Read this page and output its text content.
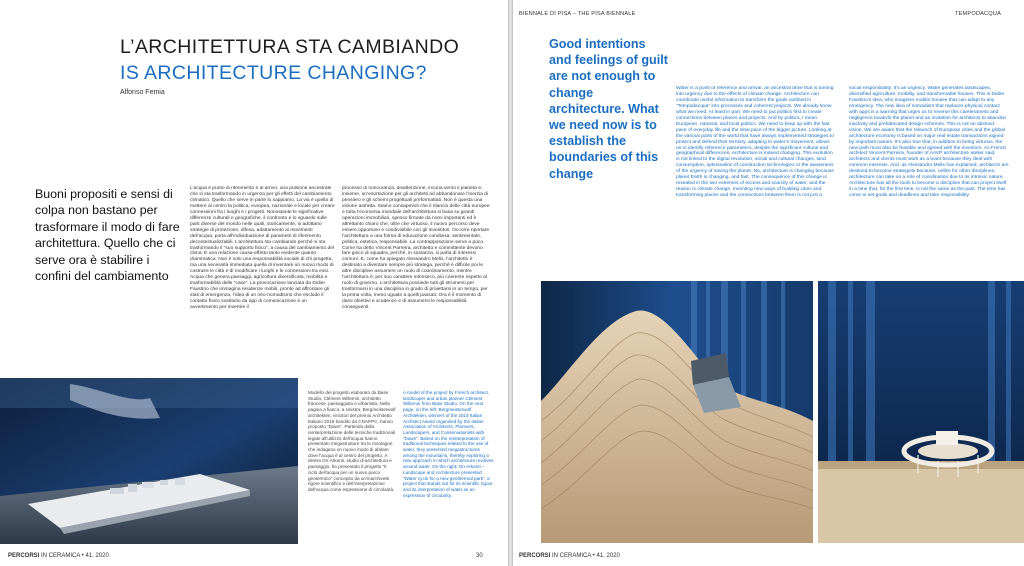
L’ARCHITETTURA STA CAMBIANDO
IS ARCHITECTURE CHANGING?
Alfonso Femia
Buoni propositi e sensi di colpa non bastano per trasformare il modo di fare architettura. Quello che ci serve ora è stabilire i confini del cambiamento
L’acqua è punto di riferimento e di arrivo, una pulsione ancestrale che si sta trasformando in urgenza per gli effetti del cambiamento climatico. Quello che serve in parte lo sappiamo. La via è quella di mettere al centro la politica, europea, nazionale e locale per creare connessioni fra i luoghi e i progetti. Nonostante le significative differenze culturali e geografiche, il confronto e lo sguardo sulle parti diverse del mondo nelle quali, storicamente, si adottano strategie di protezione, difesa, adattamento ai movimenti dell’acqua, porta all’individuazione di parametri di riferimento decontestualizzabili. L’architettura sta cambiando perché si sta trasformando il “suo supporto fisico”, a causa del cambiamento del clima. È una relazione causa-effetto tanto evidente quanto drammatica. Non è solo una responsabilità sociale di chi progetta, ma una necessità immediata quella di inventare un nuovo modo di costruire le città e di modificare i luoghi e le connessioni tra essi. Acqua che genera paesaggi, agricoltura diversificata, mobilità e trasformabilità delle “case”. La provocazione lanciata da Didier Faustino che immagina residenze mobili, pronte ad affrontare gli stati di emergenza, l’idea di un neo-nomadismo che esclude il contatto fisico sostituito da app di comunicazione è un avvertimento per invertire il
processo di noncuranza, disattenzione, incuria verso il pianeta e, insieme, un’esortazione per gli architetti ad abbandonare l’inerzia di pensiero e gli schemi progettuali preformattati. Non è questa una visione astratta. Siamo consapevoli che il rilancio delle città europee e tutta l’economia mondiale dell’architettura si basa su grandi operazioni immobiliari, spesso firmate da nomi importanti ed è altrettanto chiaro che, oltre che virtuoso, il nuovo percorso deve essere opportuno e condivisibile con gli investitori. Occorre riportare l’architettura a una forma di educazione condivisa: sentimentale, politica, estetica, responsabile. La contrapposizione serve a poco. Come ha detto Vincent Parreira, architetto e committente devono fare gioco di squadra, perché, in sostanza, si parla di interessi comuni. E, come ha spiegato Alessandro Melis, l’architetto è destinato a diventare sempre più stratega, perché è difficile poi le altre discipline assumere un ruolo di coordinamento, mentre l’architettura è, per suo carattere intrinseco, più coerente rispetto al ruolo di governo. L’architettura possiede tutti gli strumenti per trasformarsi in una disciplina in grado di proiettarsi in un tempo, per la prima volta, meno uguale a quelli passati. Ora è il momento di darsi obiettivi e scadenze e di assumersi le responsabilità conseguenti.
Modello del progetto elaborato da Base Studio, Clément Willemin, architetto francese, paesaggista e urbanista. Nella pagina a fianco, a sinistra, Bergmeisterwolf architekten, vincitori del premio Architetto Italiano 2019 bandito da CNAPPC, hanno proposto “Dawn”. Partendo dalla reinterpretazione delle tecniche tradizionali legate all’utilizzo dell’acqua hanno presentato megastrutture tra le montagne che indagano un nuovo modo di abitare dove l’acqua è al centro del progetto. A destra On-Arkenti, studio di architettura e paesaggio, ha presentato il progetto “Il ciclo dell’acqua per un nuovo parco geotermico” concepito da un’inarchivetè rigore scientifico e dell’interpretazione dell’acqua come espressione di circolarità.
A model of the project by French architect, landscaper and urban planner Clément Willemin from Base Studio. On the next page, on the left: Bergmeisterwolf Architekten, winners of the 2019 Italian Architect Award organised by the Italian Association of Architects, Planners, Landscapers, and Conservationists with “Dawn”. Based on the reinterpretation of traditional techniques related to the use of water, they presented megastructures among the mountains, thereby exploring a new approach in which architecture revolves around water. On the right: On-Arkenti – Landscape and Architecture presented “Water cycle for a new geothermal park”, a project that stands out for its scientific rigour and its interpretation of water as an expression of circularity.
PERCORSI IN CERAMICA • 41. 2020	30
BIENNALE DI PISA – THE PISA BIENNALE	TEMPODACQUA
Good intentions and feelings of guilt are not enough to change architecture. What we need now is to establish the boundaries of this change
Water is a point of reference and arrival, an ancestral drive that is turning into urgency due to the effects of climate change. Architecture can coordinate useful information to transform the goals outlined in “Tempodacqua” into processes and coherent projects. We already know what we need. At least in part. We need to put politics first to create connections between places and projects. And by politics, I mean European, national, and local politics. We need to keep up with the fast pace of everyday life and the slow pace of the bigger picture. Looking at the various parts of the world that have always implemented strategies to protect and defend their territory, adapting to water’s movement, allows us to identify reference parameters, despite the significant cultural and geographical differences. Architecture is indeed changing. This evolution is not linked to the digital revolution, social and cultural changes, land consumption, optimisation of construction technologies or the awareness of the urgency of saving the planet. No, architecture is changing because planet Earth is changing, and fast. The consequence of this change is revealed in the two extremes of excess and scarcity of water, and the reason is climate change. Inventing new ways of building cities and transforming places and the connections between them is not just a
social responsibility. It’s an urgency. Water generates landscapes, diversified agriculture, mobility, and transformable houses. This is Didier Faustino’s idea, who imagines mobile houses that can adapt to any emergency. The new idea of nomadism that replaces physical contact with apps is a warning that urges us to reverse this carelessness and negligence towards the planet and an invitation for architects to abandon inactivity and prefabricated design schemes. This is not an abstract vision. We are aware that the relaunch of European cities and the global architecture economy is based on major real estate transactions signed by important names. It’s also true that, in addition to being virtuous, the new path must also be feasible and agreed with the investors. As French architect Vincent Parreira, founder of AAVP architecture atelier said, architects and clients must work as a team because they deal with common interests. And, as Alessandro Melis has explained, architects are destined to become strategists because, unlike for other disciplines, architecture can take on a role of coordination due to its intrinsic nature. Architecture has all the tools to become a discipline that can project itself in a time that, for the first time, is not the same as the past. The time has come to set goals and deadlines and take responsibility.
PERCORSI IN CERAMICA • 41. 2020	31
